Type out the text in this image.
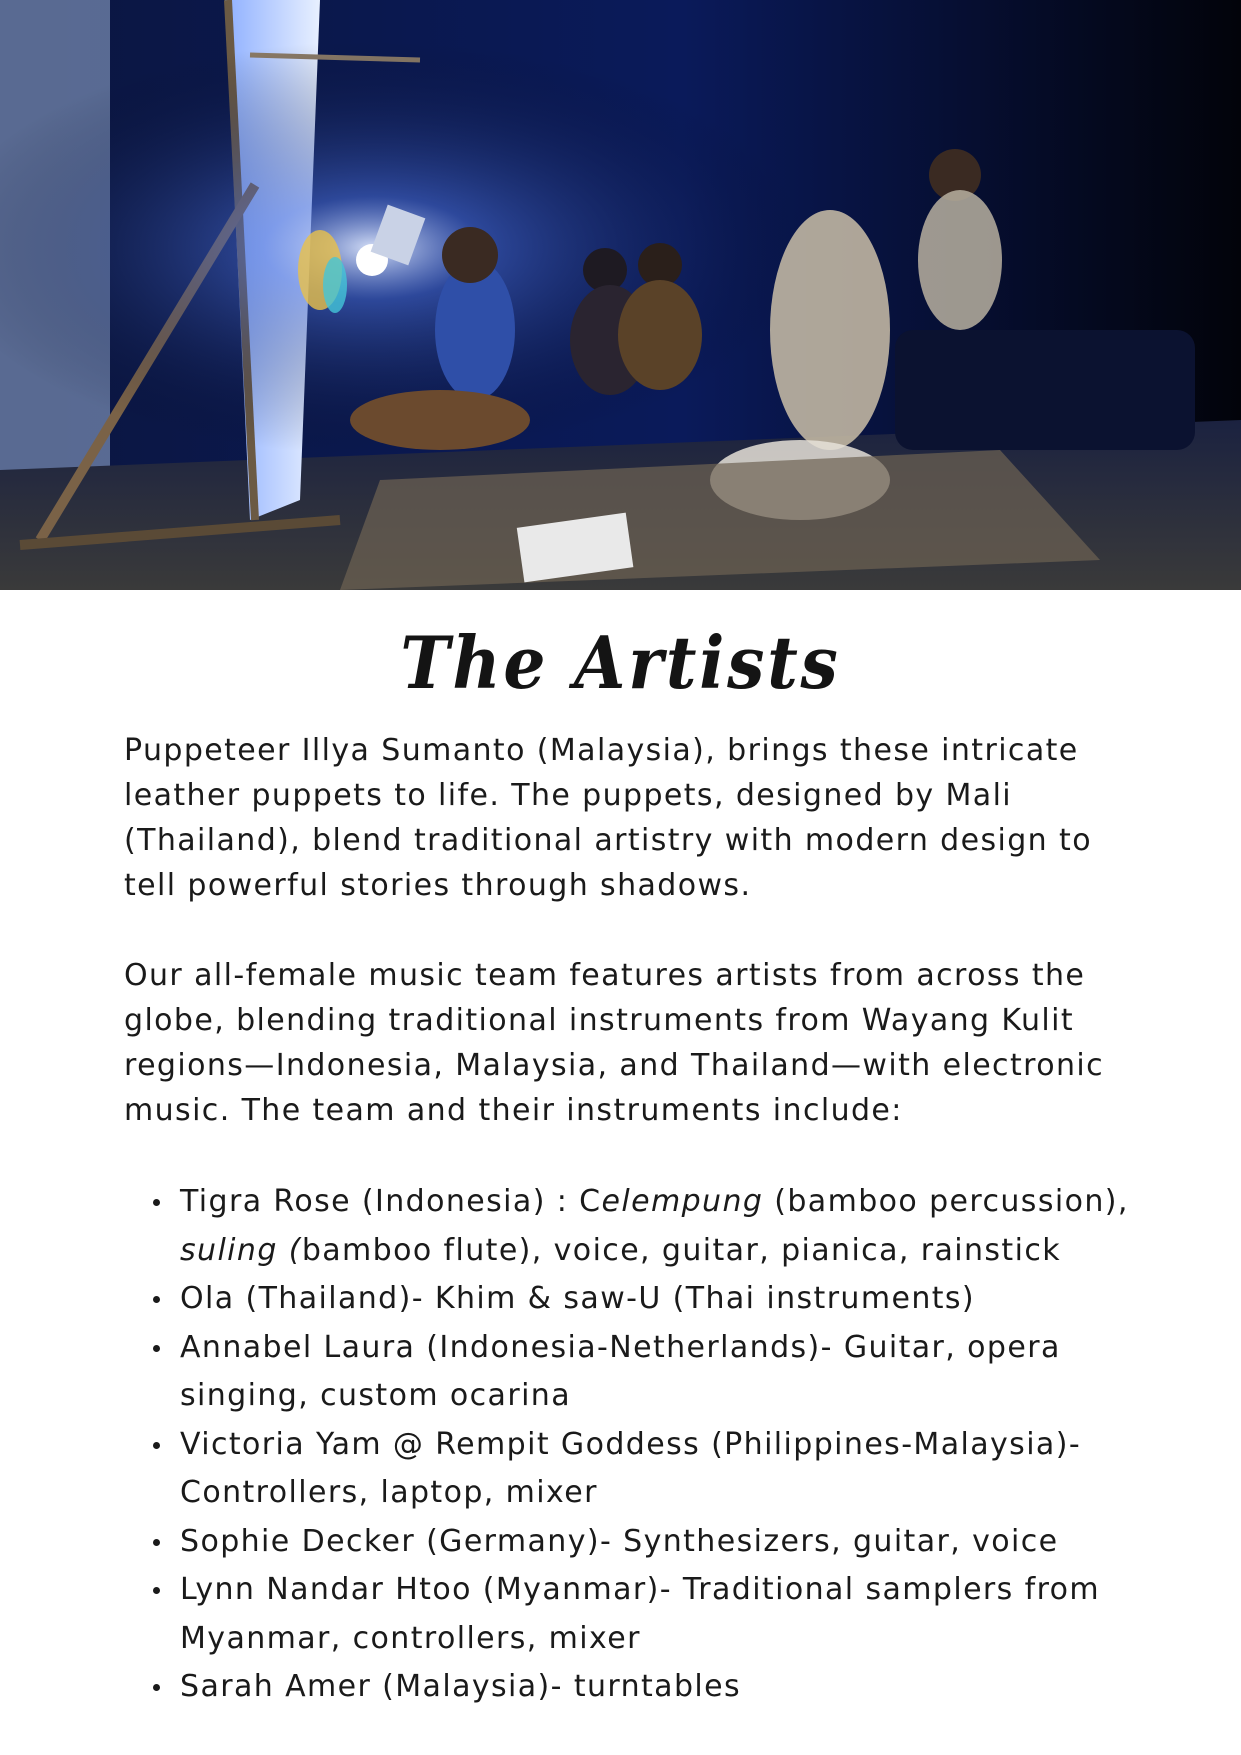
The Artists

Puppeteer Illya Sumanto (Malaysia), brings these intricate leather puppets to life. The puppets, designed by Mali (Thailand), blend traditional artistry with modern design to tell powerful stories through shadows.

Our all-female music team features artists from across the globe, blending traditional instruments from Wayang Kulit regions—Indonesia, Malaysia, and Thailand—with electronic music. The team and their instruments include:

Tigra Rose (Indonesia) : Celempung (bamboo percussion), suling (bamboo flute), voice, guitar, pianica, rainstick
Ola (Thailand)- Khim & saw-U (Thai instruments)
Annabel Laura (Indonesia-Netherlands)- Guitar, opera singing, custom ocarina
Victoria Yam @ Rempit Goddess (Philippines-Malaysia)- Controllers, laptop, mixer
Sophie Decker (Germany)- Synthesizers, guitar, voice
Lynn Nandar Htoo (Myanmar)- Traditional samplers from Myanmar, controllers, mixer
Sarah Amer (Malaysia)- turntables
